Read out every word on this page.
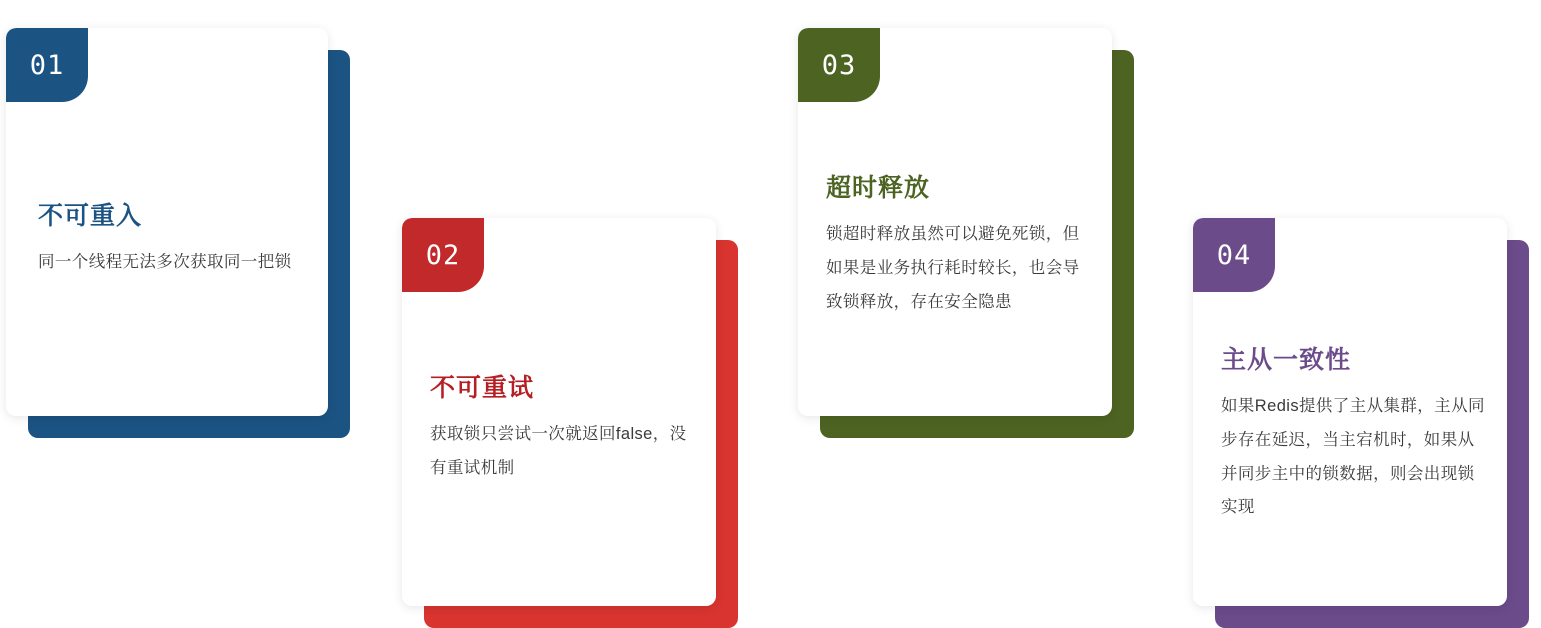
01
不可重入

同一个线程无法多次获取同一把锁	02
不可重试

获取锁只尝试一次就返回false，没有重试机制

03
超时释放

锁超时释放虽然可以避免死锁，但如果是业务执行耗时较长，也会导致锁释放，存在安全隐患

04
主从一致性

如果Redis提供了主从集群，主从同步存在延迟，当主宕机时，如果从并同步主中的锁数据，则会出现锁实现
